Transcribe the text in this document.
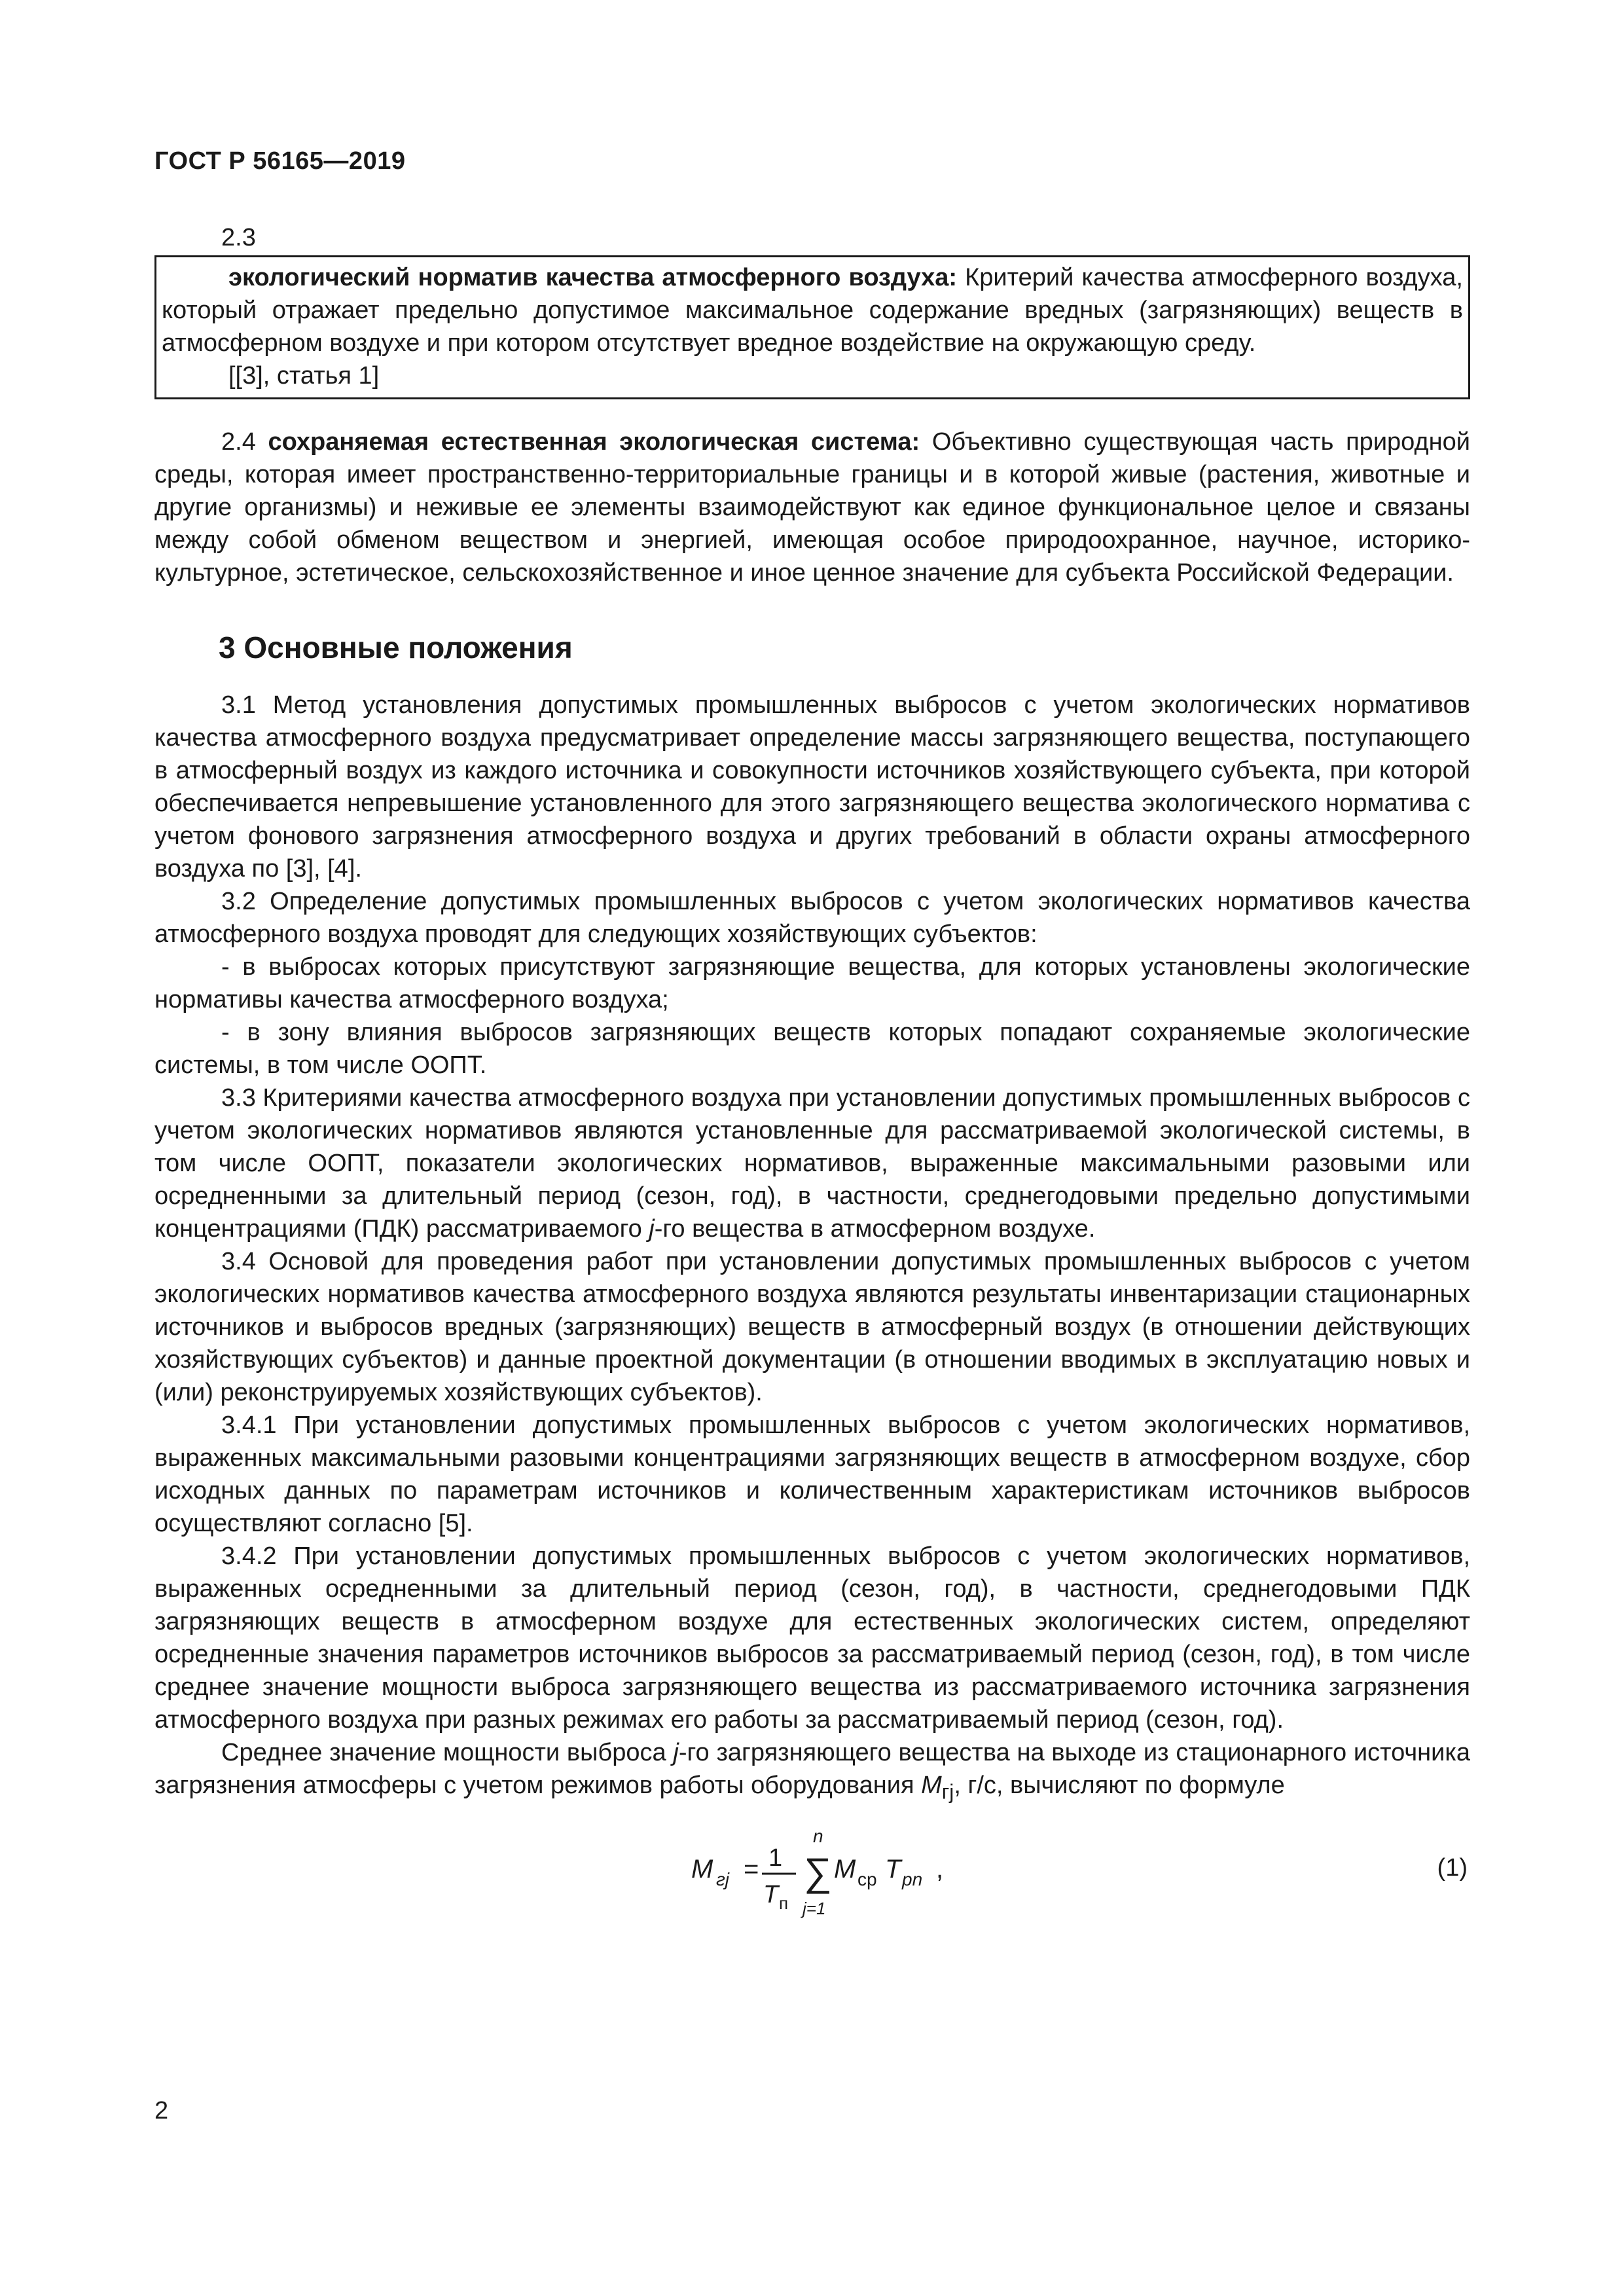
ГОСТ Р 56165—2019

2.3

экологический норматив качества атмосферного воздуха: Критерий качества атмосферного воздуха, который отражает предельно допустимое максимальное содержание вредных (загрязняющих) веществ в атмосферном воздухе и при котором отсутствует вредное воздействие на окружающую среду.

[[3], статья 1]

2.4 сохраняемая естественная экологическая система: Объективно существующая часть природной среды, которая имеет пространственно-территориальные границы и в которой живые (растения, животные и другие организмы) и неживые ее элементы взаимодействуют как единое функциональное целое и связаны между собой обменом веществом и энергией, имеющая особое природоохранное, научное, историко-культурное, эстетическое, сельскохозяйственное и иное ценное значение для субъекта Российской Федерации.

3 Основные положения

3.1 Метод установления допустимых промышленных выбросов с учетом экологических нормативов качества атмосферного воздуха предусматривает определение массы загрязняющего вещества, поступающего в атмосферный воздух из каждого источника и совокупности источников хозяйствующего субъекта, при которой обеспечивается непревышение установленного для этого загрязняющего вещества экологического норматива с учетом фонового загрязнения атмосферного воздуха и других требований в области охраны атмосферного воздуха по [3], [4].

3.2 Определение допустимых промышленных выбросов с учетом экологических нормативов качества атмосферного воздуха проводят для следующих хозяйствующих субъектов:

- в выбросах которых присутствуют загрязняющие вещества, для которых установлены экологические нормативы качества атмосферного воздуха;

- в зону влияния выбросов загрязняющих веществ которых попадают сохраняемые экологические системы, в том числе ООПТ.

3.3 Критериями качества атмосферного воздуха при установлении допустимых промышленных выбросов с учетом экологических нормативов являются установленные для рассматриваемой экологической системы, в том числе ООПТ, показатели экологических нормативов, выраженные максимальными разовыми или осредненными за длительный период (сезон, год), в частности, среднегодовыми предельно допустимыми концентрациями (ПДК) рассматриваемого j-го вещества в атмосферном воздухе.

3.4 Основой для проведения работ при установлении допустимых промышленных выбросов с учетом экологических нормативов качества атмосферного воздуха являются результаты инвентаризации стационарных источников и выбросов вредных (загрязняющих) веществ в атмосферный воздух (в отношении действующих хозяйствующих субъектов) и данные проектной документации (в отношении вводимых в эксплуатацию новых и (или) реконструируемых хозяйствующих субъектов).

3.4.1 При установлении допустимых промышленных выбросов с учетом экологических нормативов, выраженных максимальными разовыми концентрациями загрязняющих веществ в атмосферном воздухе, сбор исходных данных по параметрам источников и количественным характеристикам источников выбросов осуществляют согласно [5].

3.4.2 При установлении допустимых промышленных выбросов с учетом экологических нормативов, выраженных осредненными за длительный период (сезон, год), в частности, среднегодовыми ПДК загрязняющих веществ в атмосферном воздухе для естественных экологических систем, определяют осредненные значения параметров источников выбросов за рассматриваемый период (сезон, год), в том числе среднее значение мощности выброса загрязняющего вещества из рассматриваемого источника загрязнения атмосферного воздуха при разных режимах его работы за рассматриваемый период (сезон, год).

Среднее значение мощности выброса j-го загрязняющего вещества на выходе из стационарного источника загрязнения атмосферы с учетом режимов работы оборудования $M_{гj}$, г/с, вычисляют по формуле

M гj = 1
T п
n
∑
j=1
M ср T pn ,	(1)
2
